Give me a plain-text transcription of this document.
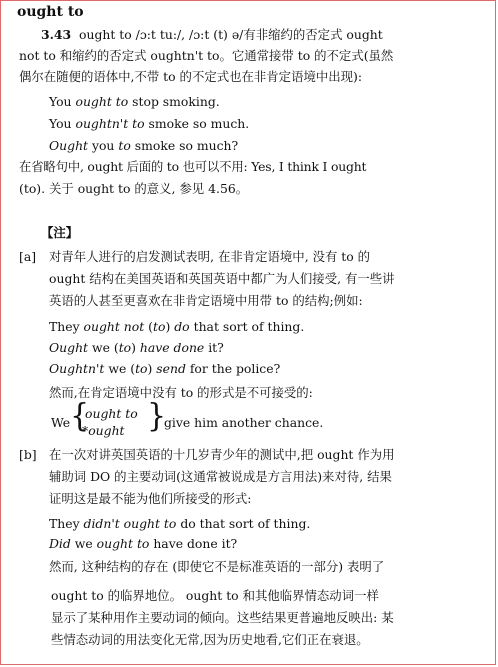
ought to
3.43 ought to /ɔ:t tu:/, /ɔ:t (t) ə/有非缩约的否定式 ought
not to 和缩约的否定式 oughtn't to。它通常接带 to 的不定式(虽然
偶尔在随便的语体中,不带 to 的不定式也在非肯定语境中出现):
You ought to stop smoking.
You oughtn't to smoke so much.
Ought you to smoke so much?
在省略句中, ought 后面的 to 也可以不用: Yes, I think I ought
(to). 关于 ought to 的意义, 参见 4.56。
【注】
[a] 对青年人进行的启发测试表明, 在非肯定语境中, 没有 to 的
ought 结构在美国英语和英国英语中都广为人们接受, 有一些讲
英语的人甚至更喜欢在非肯定语境中用带 to 的结构;例如:
They ought not (to) do that sort of thing.
Ought we (to) have done it?
Oughtn't we (to) send for the police?
然而,在肯定语境中没有 to 的形式是不可接受的:
We {
ought to
*ought }
give him another chance.
[b] 在一次对讲英国英语的十几岁青少年的测试中,把 ought 作为用
辅助词 DO 的主要动词(这通常被说成是方言用法)来对待, 结果
证明这是最不能为他们所接受的形式:
They didn't ought to do that sort of thing.
Did we ought to have done it?
然而, 这种结构的存在 (即使它不是标准英语的一部分) 表明了
ought to 的临界地位。 ought to 和其他临界情态动词一样
显示了某种用作主要动词的倾向。这些结果更普遍地反映出: 某
些情态动词的用法变化无常,因为历史地看,它们正在衰退。
